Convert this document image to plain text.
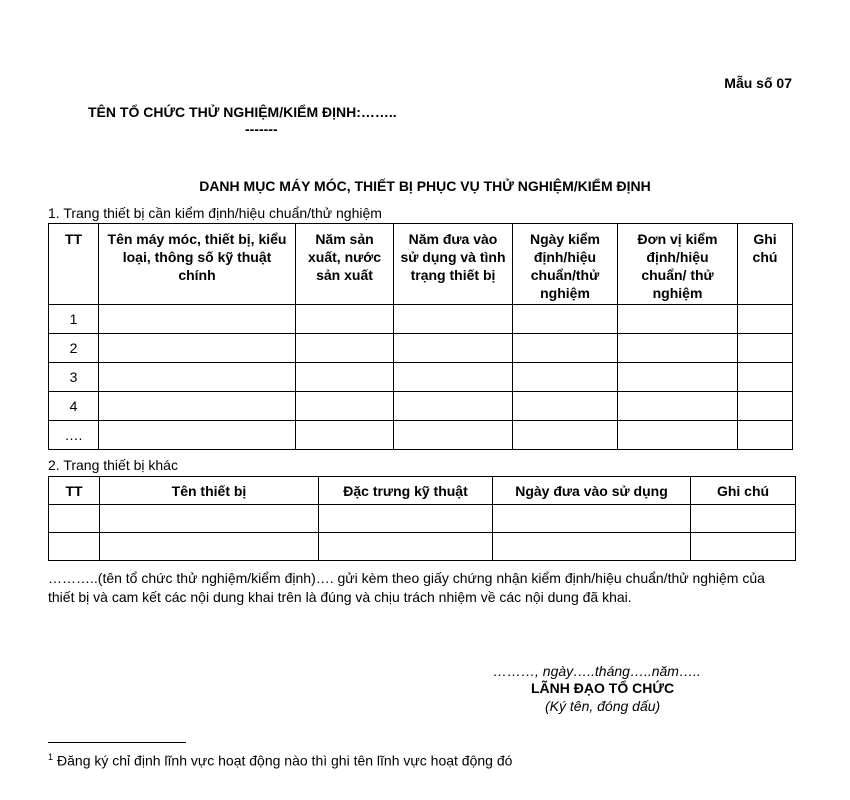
Mẫu số 07
TÊN TỔ CHỨC THỬ NGHIỆM/KIỂM ĐỊNH:……..
-------
DANH MỤC MÁY MÓC, THIẾT BỊ PHỤC VỤ THỬ NGHIỆM/KIỂM ĐỊNH
1. Trang thiết bị cần kiểm định/hiệu chuẩn/thử nghiệm
TT	Tên máy móc, thiết bị, kiểu loại, thông số kỹ thuật chính	Năm sản xuất, nước sản xuất	Năm đưa vào sử dụng và tình trạng thiết bị	Ngày kiểm định/hiệu chuẩn/thử nghiệm	Đơn vị kiểm định/hiệu chuẩn/ thử nghiệm	Ghi chú
1						
2						
3						
4						
….						
2. Trang thiết bị khác
TT	Tên thiết bị	Đặc trưng kỹ thuật	Ngày đưa vào sử dụng	Ghi chú

………..(tên tổ chức thử nghiệm/kiểm định)…. gửi kèm theo giấy chứng nhận kiểm định/hiệu chuẩn/thử nghiệm của thiết bị và cam kết các nội dung khai trên là đúng và chịu trách nhiệm về các nội dung đã khai.
………, ngày…..tháng…..năm…..
LÃNH ĐẠO TỔ CHỨC
(Ký tên, đóng dấu)
$^1$ Đăng ký chỉ định lĩnh vực hoạt động nào thì ghi tên lĩnh vực hoạt động đó
